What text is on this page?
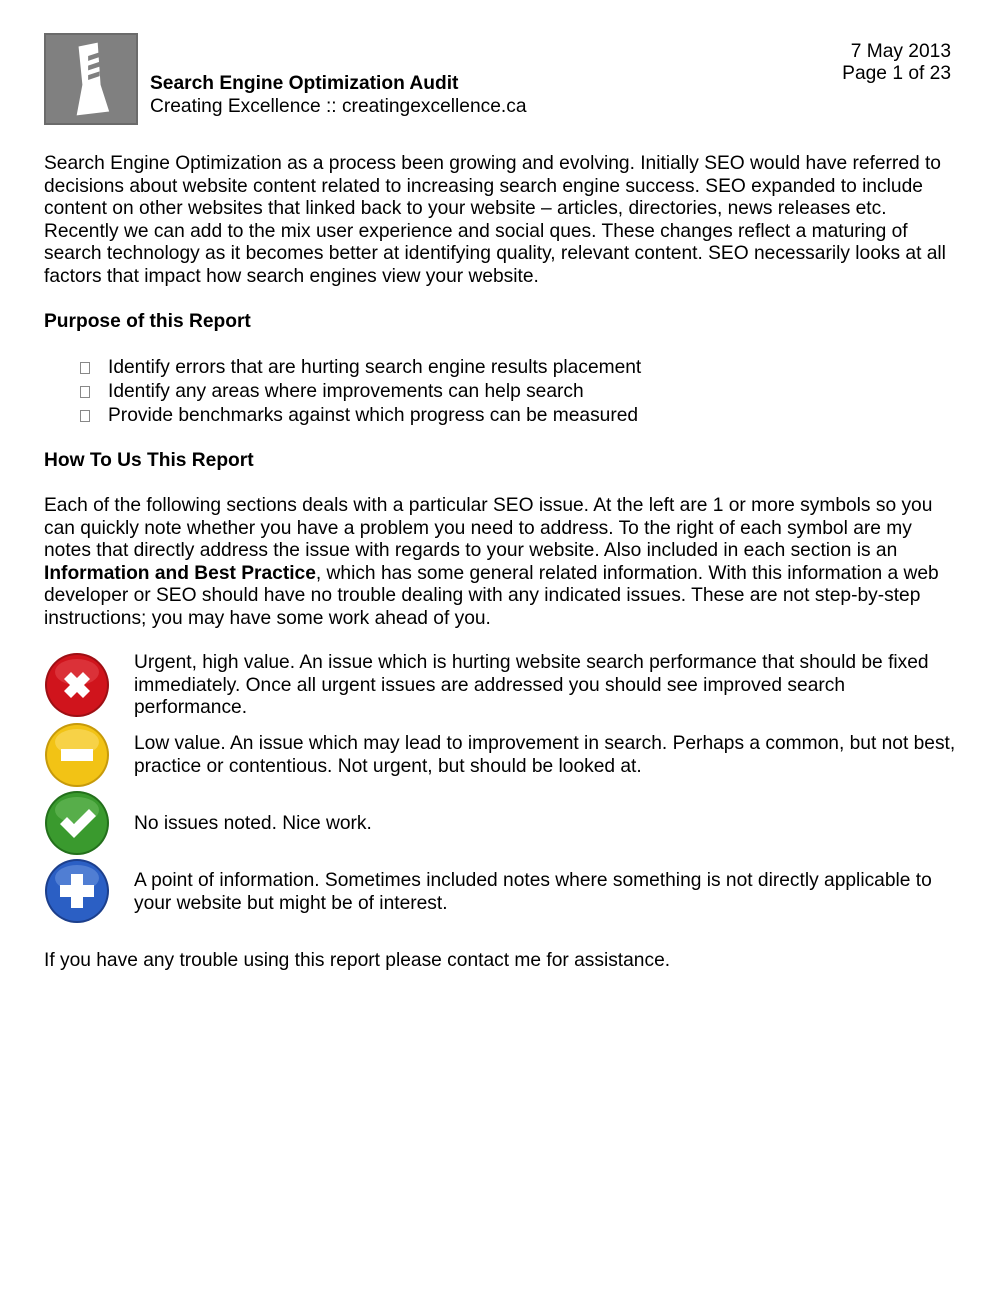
Search Engine Optimization Audit
Creating Excellence :: creatingexcellence.ca
7 May 2013
Page 1 of 23

Search Engine Optimization as a process been growing and evolving. Initially SEO would have referred to decisions about website content related to increasing search engine success. SEO expanded to include content on other websites that linked back to your website – articles, directories, news releases etc. Recently we can add to the mix user experience and social ques. These changes reflect a maturing of search technology as it becomes better at identifying quality, relevant content. SEO necessarily looks at all factors that impact how search engines view your website.

Purpose of this Report

Identify errors that are hurting search engine results placement
Identify any areas where improvements can help search
Provide benchmarks against which progress can be measured

How To Us This Report

Each of the following sections deals with a particular SEO issue. At the left are 1 or more symbols so you can quickly note whether you have a problem you need to address. To the right of each symbol are my notes that directly address the issue with regards to your website. Also included in each section is an Information and Best Practice, which has some general related information. With this information a web developer or SEO should have no trouble dealing with any indicated issues. These are not step-by-step instructions; you may have some work ahead of you.

Urgent, high value. An issue which is hurting website search performance that should be fixed immediately. Once all urgent issues are addressed you should see improved search performance.

Low value. An issue which may lead to improvement in search. Perhaps a common, but not best, practice or contentious. Not urgent, but should be looked at.

No issues noted. Nice work.

A point of information. Sometimes included notes where something is not directly applicable to your website but might be of interest.

If you have any trouble using this report please contact me for assistance.
